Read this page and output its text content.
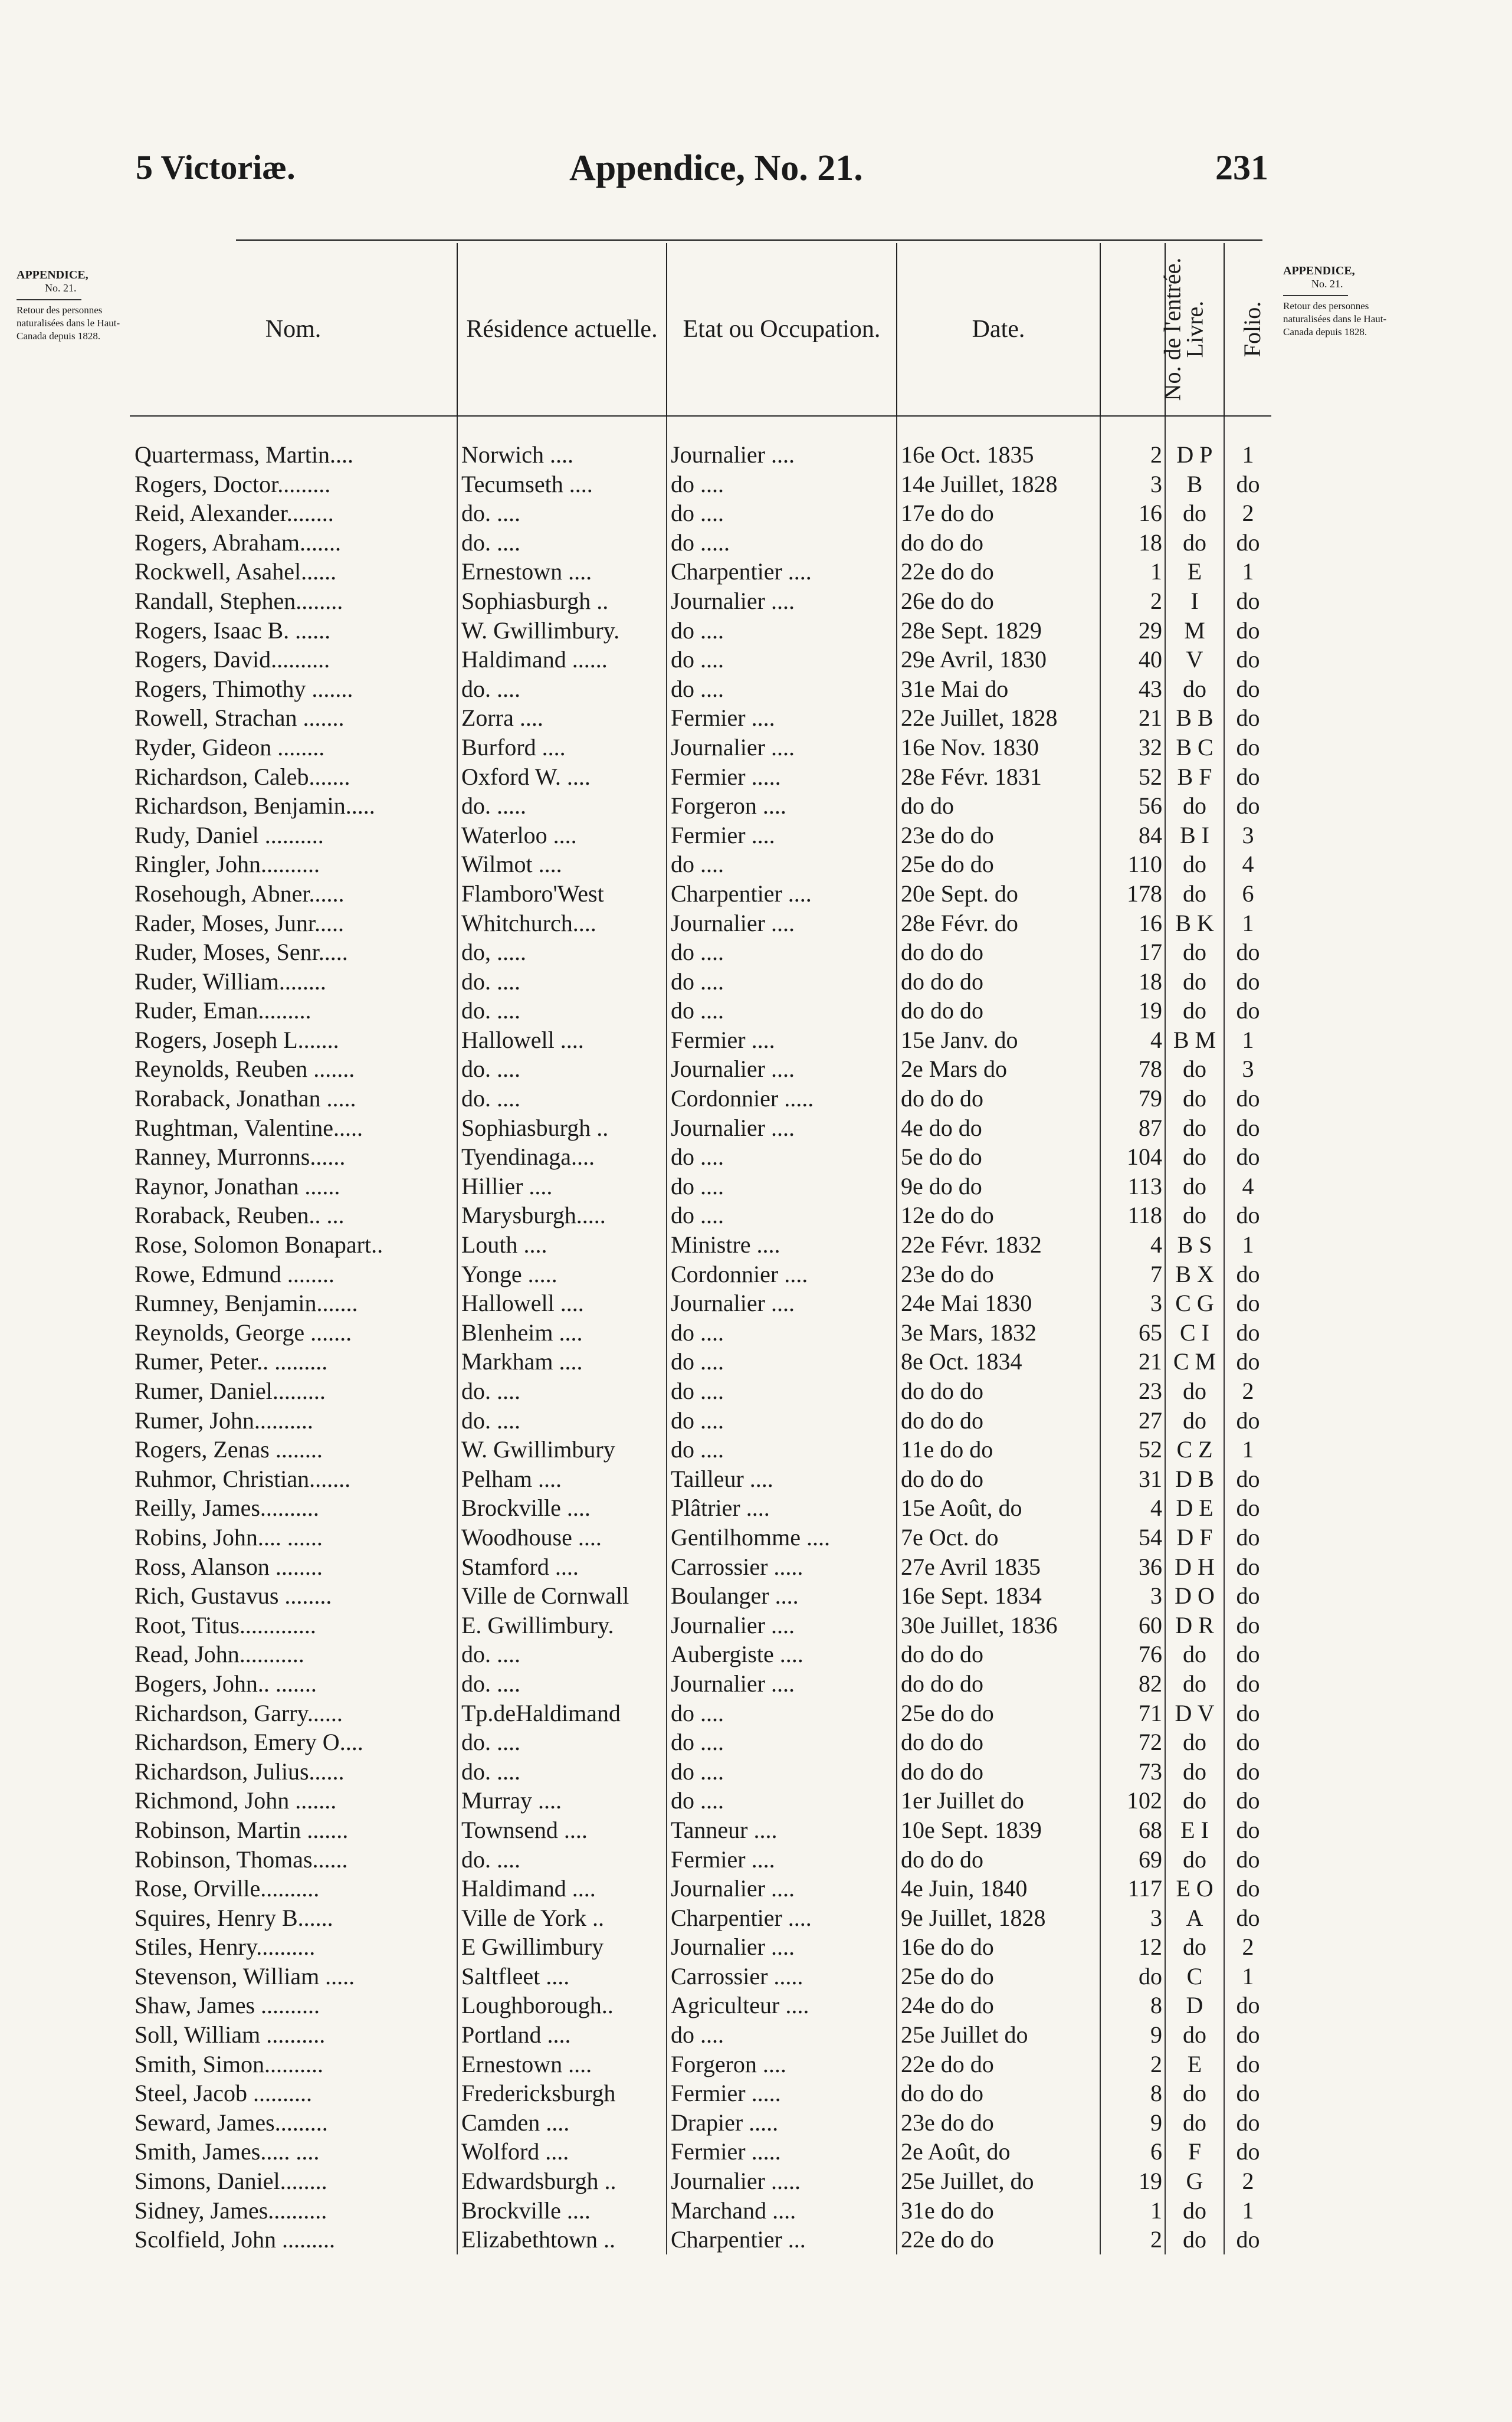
5 Victoriæ.	Appendice, No. 21.	231
APPENDICE,
No. 21.
Retour des personnes naturalisées dans le Haut-Canada depuis 1828.
APPENDICE,
No. 21.
Retour des personnes naturalisées dans le Haut-Canada depuis 1828.
Nom.	Résidence actuelle.	Etat ou Occupation.	Date.	No. de l'entrée.	Livre.	Folio.

Quartermass, Martin....	Norwich ....	Journalier ....	16e Oct. 1835	2	D P	1
Rogers, Doctor.........	Tecumseth ....	do ....	14e Juillet, 1828	3	B	do
Reid, Alexander........	do. ....	do ....	17e do do	16	do	2
Rogers, Abraham.......	do. ....	do .....	do do do	18	do	do
Rockwell, Asahel......	Ernestown ....	Charpentier ....	22e do do	1	E	1
Randall, Stephen........	Sophiasburgh ..	Journalier ....	26e do do	2	I	do
Rogers, Isaac B. ......	W. Gwillimbury.	do ....	28e Sept. 1829	29	M	do
Rogers, David..........	Haldimand ......	do ....	29e Avril, 1830	40	V	do
Rogers, Thimothy .......	do. ....	do ....	31e Mai do	43	do	do
Rowell, Strachan .......	Zorra ....	Fermier ....	22e Juillet, 1828	21	B B	do
Ryder, Gideon ........	Burford ....	Journalier ....	16e Nov. 1830	32	B C	do
Richardson, Caleb.......	Oxford W. ....	Fermier .....	28e Févr. 1831	52	B F	do
Richardson, Benjamin.....	do. .....	Forgeron ....	do do	56	do	do
Rudy, Daniel ..........	Waterloo ....	Fermier ....	23e do do	84	B I	3
Ringler, John..........	Wilmot ....	do ....	25e do do	110	do	4
Rosehough, Abner......	Flamboro'West	Charpentier ....	20e Sept. do	178	do	6
Rader, Moses, Junr.....	Whitchurch....	Journalier ....	28e Févr. do	16	B K	1
Ruder, Moses, Senr.....	do, .....	do ....	do do do	17	do	do
Ruder, William........	do. ....	do ....	do do do	18	do	do
Ruder, Eman.........	do. ....	do ....	do do do	19	do	do
Rogers, Joseph L.......	Hallowell ....	Fermier ....	15e Janv. do	4	B M	1
Reynolds, Reuben .......	do. ....	Journalier ....	2e Mars do	78	do	3
Roraback, Jonathan .....	do. ....	Cordonnier .....	do do do	79	do	do
Rughtman, Valentine.....	Sophiasburgh ..	Journalier ....	4e do do	87	do	do
Ranney, Murronns......	Tyendinaga....	do ....	5e do do	104	do	do
Raynor, Jonathan ......	Hillier ....	do ....	9e do do	113	do	4
Roraback, Reuben.. ...	Marysburgh.....	do ....	12e do do	118	do	do
Rose, Solomon Bonapart..	Louth ....	Ministre ....	22e Févr. 1832	4	B S	1
Rowe, Edmund ........	Yonge .....	Cordonnier ....	23e do do	7	B X	do
Rumney, Benjamin.......	Hallowell ....	Journalier ....	24e Mai 1830	3	C G	do
Reynolds, George .......	Blenheim ....	do ....	3e Mars, 1832	65	C I	do
Rumer, Peter.. .........	Markham ....	do ....	8e Oct. 1834	21	C M	do
Rumer, Daniel.........	do. ....	do ....	do do do	23	do	2
Rumer, John..........	do. ....	do ....	do do do	27	do	do
Rogers, Zenas ........	W. Gwillimbury	do ....	11e do do	52	C Z	1
Ruhmor, Christian.......	Pelham ....	Tailleur ....	do do do	31	D B	do
Reilly, James..........	Brockville ....	Plâtrier ....	15e Août, do	4	D E	do
Robins, John.... ......	Woodhouse ....	Gentilhomme ....	7e Oct. do	54	D F	do
Ross, Alanson ........	Stamford ....	Carrossier .....	27e Avril 1835	36	D H	do
Rich, Gustavus ........	Ville de Cornwall	Boulanger ....	16e Sept. 1834	3	D O	do
Root, Titus.............	E. Gwillimbury.	Journalier ....	30e Juillet, 1836	60	D R	do
Read, John...........	do. ....	Aubergiste ....	do do do	76	do	do
Bogers, John.. .......	do. ....	Journalier ....	do do do	82	do	do
Richardson, Garry......	Tp.deHaldimand	do ....	25e do do	71	D V	do
Richardson, Emery O....	do. ....	do ....	do do do	72	do	do
Richardson, Julius......	do. ....	do ....	do do do	73	do	do
Richmond, John .......	Murray ....	do ....	1er Juillet do	102	do	do
Robinson, Martin .......	Townsend ....	Tanneur ....	10e Sept. 1839	68	E I	do
Robinson, Thomas......	do. ....	Fermier ....	do do do	69	do	do
Rose, Orville..........	Haldimand ....	Journalier ....	4e Juin, 1840	117	E O	do
Squires, Henry B......	Ville de York ..	Charpentier ....	9e Juillet, 1828	3	A	do
Stiles, Henry..........	E Gwillimbury	Journalier ....	16e do do	12	do	2
Stevenson, William .....	Saltfleet ....	Carrossier .....	25e do do	do	C	1
Shaw, James ..........	Loughborough..	Agriculteur ....	24e do do	8	D	do
Soll, William ..........	Portland ....	do ....	25e Juillet do	9	do	do
Smith, Simon..........	Ernestown ....	Forgeron ....	22e do do	2	E	do
Steel, Jacob ..........	Fredericksburgh	Fermier .....	do do do	8	do	do
Seward, James.........	Camden ....	Drapier .....	23e do do	9	do	do
Smith, James..... ....	Wolford ....	Fermier .....	2e Août, do	6	F	do
Simons, Daniel........	Edwardsburgh ..	Journalier .....	25e Juillet, do	19	G	2
Sidney, James..........	Brockville ....	Marchand ....	31e do do	1	do	1
Scolfield, John .........	Elizabethtown ..	Charpentier ...	22e do do	2	do	do
